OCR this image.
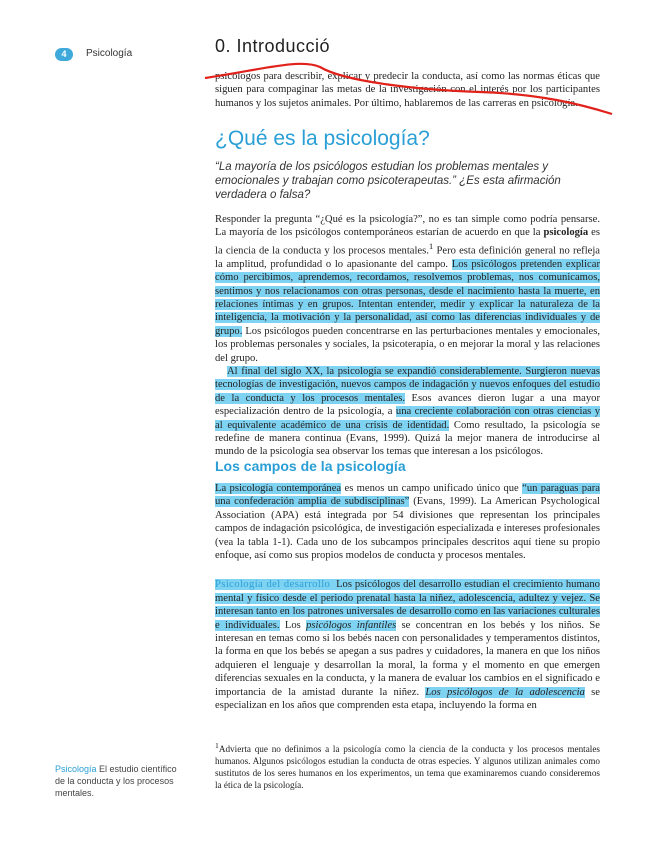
4	Psicología	0. Introducció

psicólogos para describir, explicar y predecir la conducta, así como las normas éticas que siguen para compaginar las metas de la investigación con el interés por los participantes humanos y los sujetos animales. Por último, hablaremos de las carreras en psicología.

¿Qué es la psicología?
“La mayoría de los psicólogos estudian los problemas mentales y emocionales y trabajan como psicoterapeutas.” ¿Es esta afirmación verdadera o falsa?

Responder la pregunta “¿Qué es la psicología?”, no es tan simple como podría pensarse. La mayoría de los psicólogos contemporáneos estarían de acuerdo en que la psicología es la ciencia de la conducta y los procesos mentales.$^1$ Pero esta definición general no refleja la amplitud, profundidad o lo apasionante del campo. Los psicólogos pretenden explicar cómo percibimos, aprendemos, recordamos, resolvemos problemas, nos comunicamos, sentimos y nos relacionamos con otras personas, desde el nacimiento hasta la muerte, en relaciones íntimas y en grupos. Intentan entender, medir y explicar la naturaleza de la inteligencia, la motivación y la personalidad, así como las diferencias individuales y de grupo. Los psicólogos pueden concentrarse en las perturbaciones mentales y emocionales, los problemas personales y sociales, la psicoterapia, o en mejorar la moral y las relaciones del grupo.

Al final del siglo XX, la psicología se expandió considerablemente. Surgieron nuevas tecnologías de investigación, nuevos campos de indagación y nuevos enfoques del estudio de la conducta y los procesos mentales. Esos avances dieron lugar a una mayor especialización dentro de la psicología, a una creciente colaboración con otras ciencias y al equivalente académico de una crisis de identidad. Como resultado, la psicología se redefine de manera continua (Evans, 1999). Quizá la mejor manera de introducirse al mundo de la psicología sea observar los temas que interesan a los psicólogos.

Los campos de la psicología

La psicología contemporánea es menos un campo unificado único que “un paraguas para una confederación amplia de subdisciplinas” (Evans, 1999). La American Psychological Association (APA) está integrada por 54 divisiones que representan los principales campos de indagación psicológica, de investigación especializada e intereses profesionales (vea la tabla 1-1). Cada uno de los subcampos principales descritos aquí tiene su propio enfoque, así como sus propios modelos de conducta y procesos mentales.

Psicología del desarrollo Los psicólogos del desarrollo estudian el crecimiento humano mental y físico desde el periodo prenatal hasta la niñez, adolescencia, adultez y vejez. Se interesan tanto en los patrones universales de desarrollo como en las variaciones culturales e individuales. Los psicólogos infantiles se concentran en los bebés y los niños. Se interesan en temas como si los bebés nacen con personalidades y temperamentos distintos, la forma en que los bebés se apegan a sus padres y cuidadores, la manera en que los niños adquieren el lenguaje y desarrollan la moral, la forma y el momento en que emergen diferencias sexuales en la conducta, y la manera de evaluar los cambios en el significado e importancia de la amistad durante la niñez. Los psicólogos de la adolescencia se especializan en los años que comprenden esta etapa, incluyendo la forma en

$^1$Advierta que no definimos a la psicología como la ciencia de la conducta y los procesos mentales humanos. Algunos psicólogos estudian la conducta de otras especies. Y algunos utilizan animales como sustitutos de los seres humanos en los experimentos, un tema que examinaremos cuando consideremos la ética de la psicología.
Psicología El estudio científico de la conducta y los procesos mentales.
